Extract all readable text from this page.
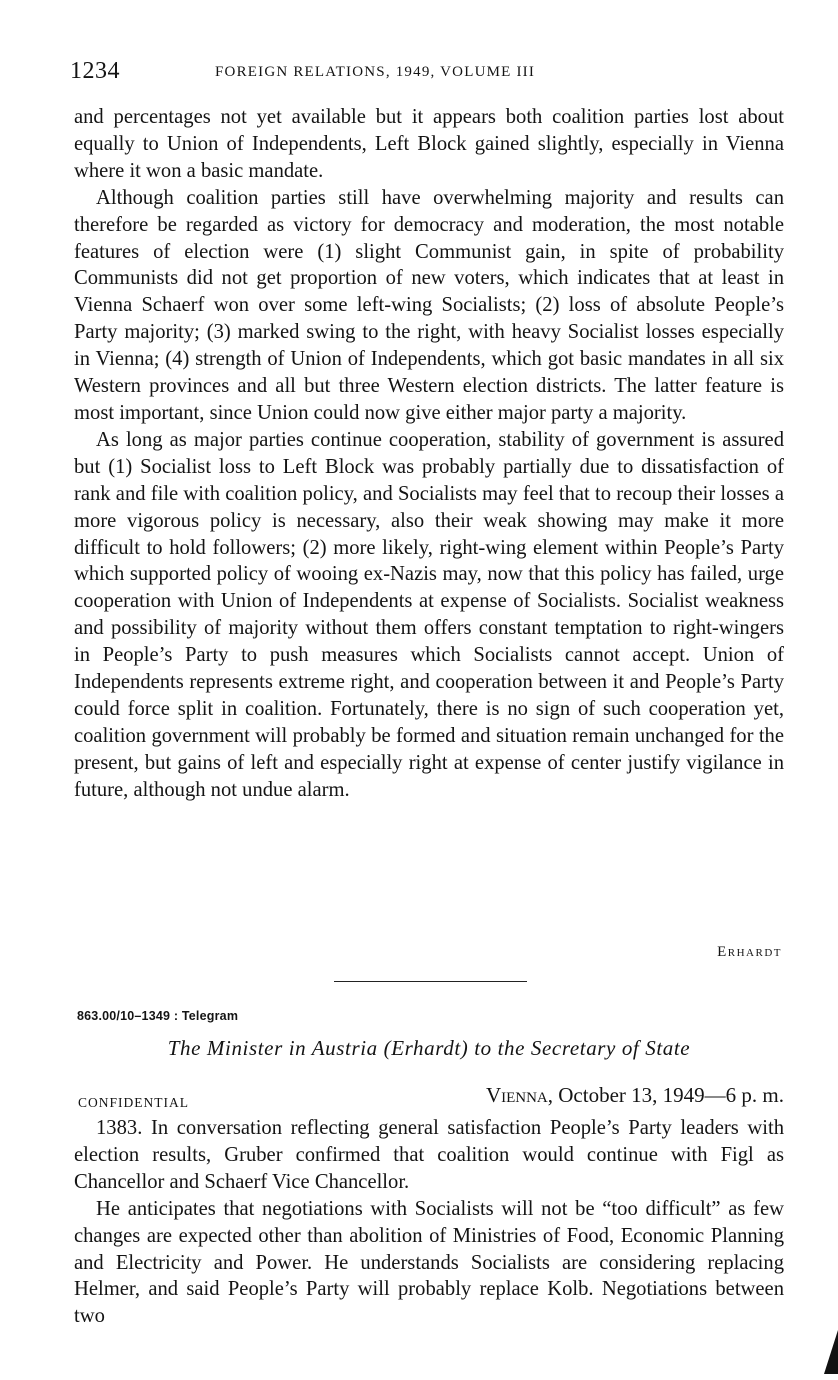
1234	FOREIGN RELATIONS, 1949, VOLUME III

and percentages not yet available but it appears both coalition parties lost about equally to Union of Independents, Left Block gained slightly, especially in Vienna where it won a basic mandate.

Although coalition parties still have overwhelming majority and results can therefore be regarded as victory for democracy and moderation, the most notable features of election were (1) slight Communist gain, in spite of probability Communists did not get proportion of new voters, which indicates that at least in Vienna Schaerf won over some left-wing Socialists; (2) loss of absolute People’s Party majority; (3) marked swing to the right, with heavy Socialist losses especially in Vienna; (4) strength of Union of Independents, which got basic mandates in all six Western provinces and all but three Western election districts. The latter feature is most important, since Union could now give either major party a majority.

As long as major parties continue cooperation, stability of government is assured but (1) Socialist loss to Left Block was probably partially due to dissatisfaction of rank and file with coalition policy, and Socialists may feel that to recoup their losses a more vigorous policy is necessary, also their weak showing may make it more difficult to hold followers; (2) more likely, right-wing element within People’s Party which supported policy of wooing ex-Nazis may, now that this policy has failed, urge cooperation with Union of Independents at expense of Socialists. Socialist weakness and possibility of majority without them offers constant temptation to right-wingers in People’s Party to push measures which Socialists cannot accept. Union of Independents represents extreme right, and cooperation between it and People’s Party could force split in coalition. Fortunately, there is no sign of such cooperation yet, coalition government will probably be formed and situation remain unchanged for the present, but gains of left and especially right at expense of center justify vigilance in future, although not undue alarm.

Erhardt
863.00/10–1349 : Telegram
The Minister in Austria (Erhardt) to the Secretary of State
CONFIDENTIAL	Vienna, October 13, 1949—6 p. m.

1383. In conversation reflecting general satisfaction People’s Party leaders with election results, Gruber confirmed that coalition would continue with Figl as Chancellor and Schaerf Vice Chancellor.

He anticipates that negotiations with Socialists will not be “too difficult” as few changes are expected other than abolition of Ministries of Food, Economic Planning and Electricity and Power. He understands Socialists are considering replacing Helmer, and said People’s Party will probably replace Kolb. Negotiations between two
